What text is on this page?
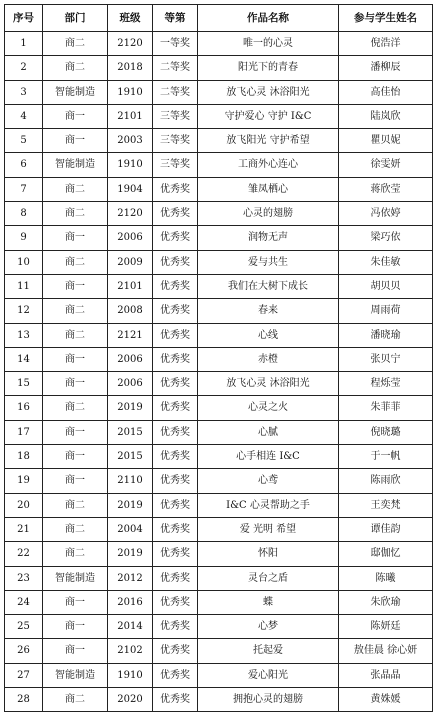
序号	部门	班级	等第	作品名称	参与学生姓名
1	商二	2120	一等奖	唯一的心灵	倪浩洋
2	商二	2018	二等奖	阳光下的青春	潘柳辰
3	智能制造	1910	二等奖	放飞心灵 沐浴阳光	高佳怡
4	商一	2101	三等奖	守护爱心 守护 I&C	陆岚欣
5	商一	2003	三等奖	放飞阳光 守护希望	瞿贝妮
6	智能制造	1910	三等奖	工商外心连心	徐雯妍
7	商二	1904	优秀奖	雏凤栖心	蒋欣莹
8	商二	2120	优秀奖	心灵的翅膀	冯依婷
9	商一	2006	优秀奖	润物无声	梁巧依
10	商二	2009	优秀奖	爱与共生	朱佳敏
11	商一	2101	优秀奖	我们在大树下成长	胡贝贝
12	商二	2008	优秀奖	春来	周雨荷
13	商二	2121	优秀奖	心线	潘晓瑜
14	商一	2006	优秀奖	赤橙	张贝宁
15	商一	2006	优秀奖	放飞心灵 沐浴阳光	程烁莹
16	商二	2019	优秀奖	心灵之火	朱菲菲
17	商一	2015	优秀奖	心腻	倪晓璐
18	商一	2015	优秀奖	心手相连 I&C	于一帆
19	商一	2110	优秀奖	心鸢	陈雨欣
20	商二	2019	优秀奖	I&C 心灵帮助之手	王奕梵
21	商二	2004	优秀奖	爱 光明 希望	谭佳韵
22	商二	2019	优秀奖	怀阳	邸伽忆
23	智能制造	2012	优秀奖	灵台之盾	陈曦
24	商一	2016	优秀奖	蝶	朱欣瑜
25	商一	2014	优秀奖	心梦	陈妍廷
26	商一	2102	优秀奖	托起爱	敖佳晨 徐心妍
27	智能制造	1910	优秀奖	爱心阳光	张晶晶
28	商二	2020	优秀奖	拥抱心灵的翅膀	黄姝媛
